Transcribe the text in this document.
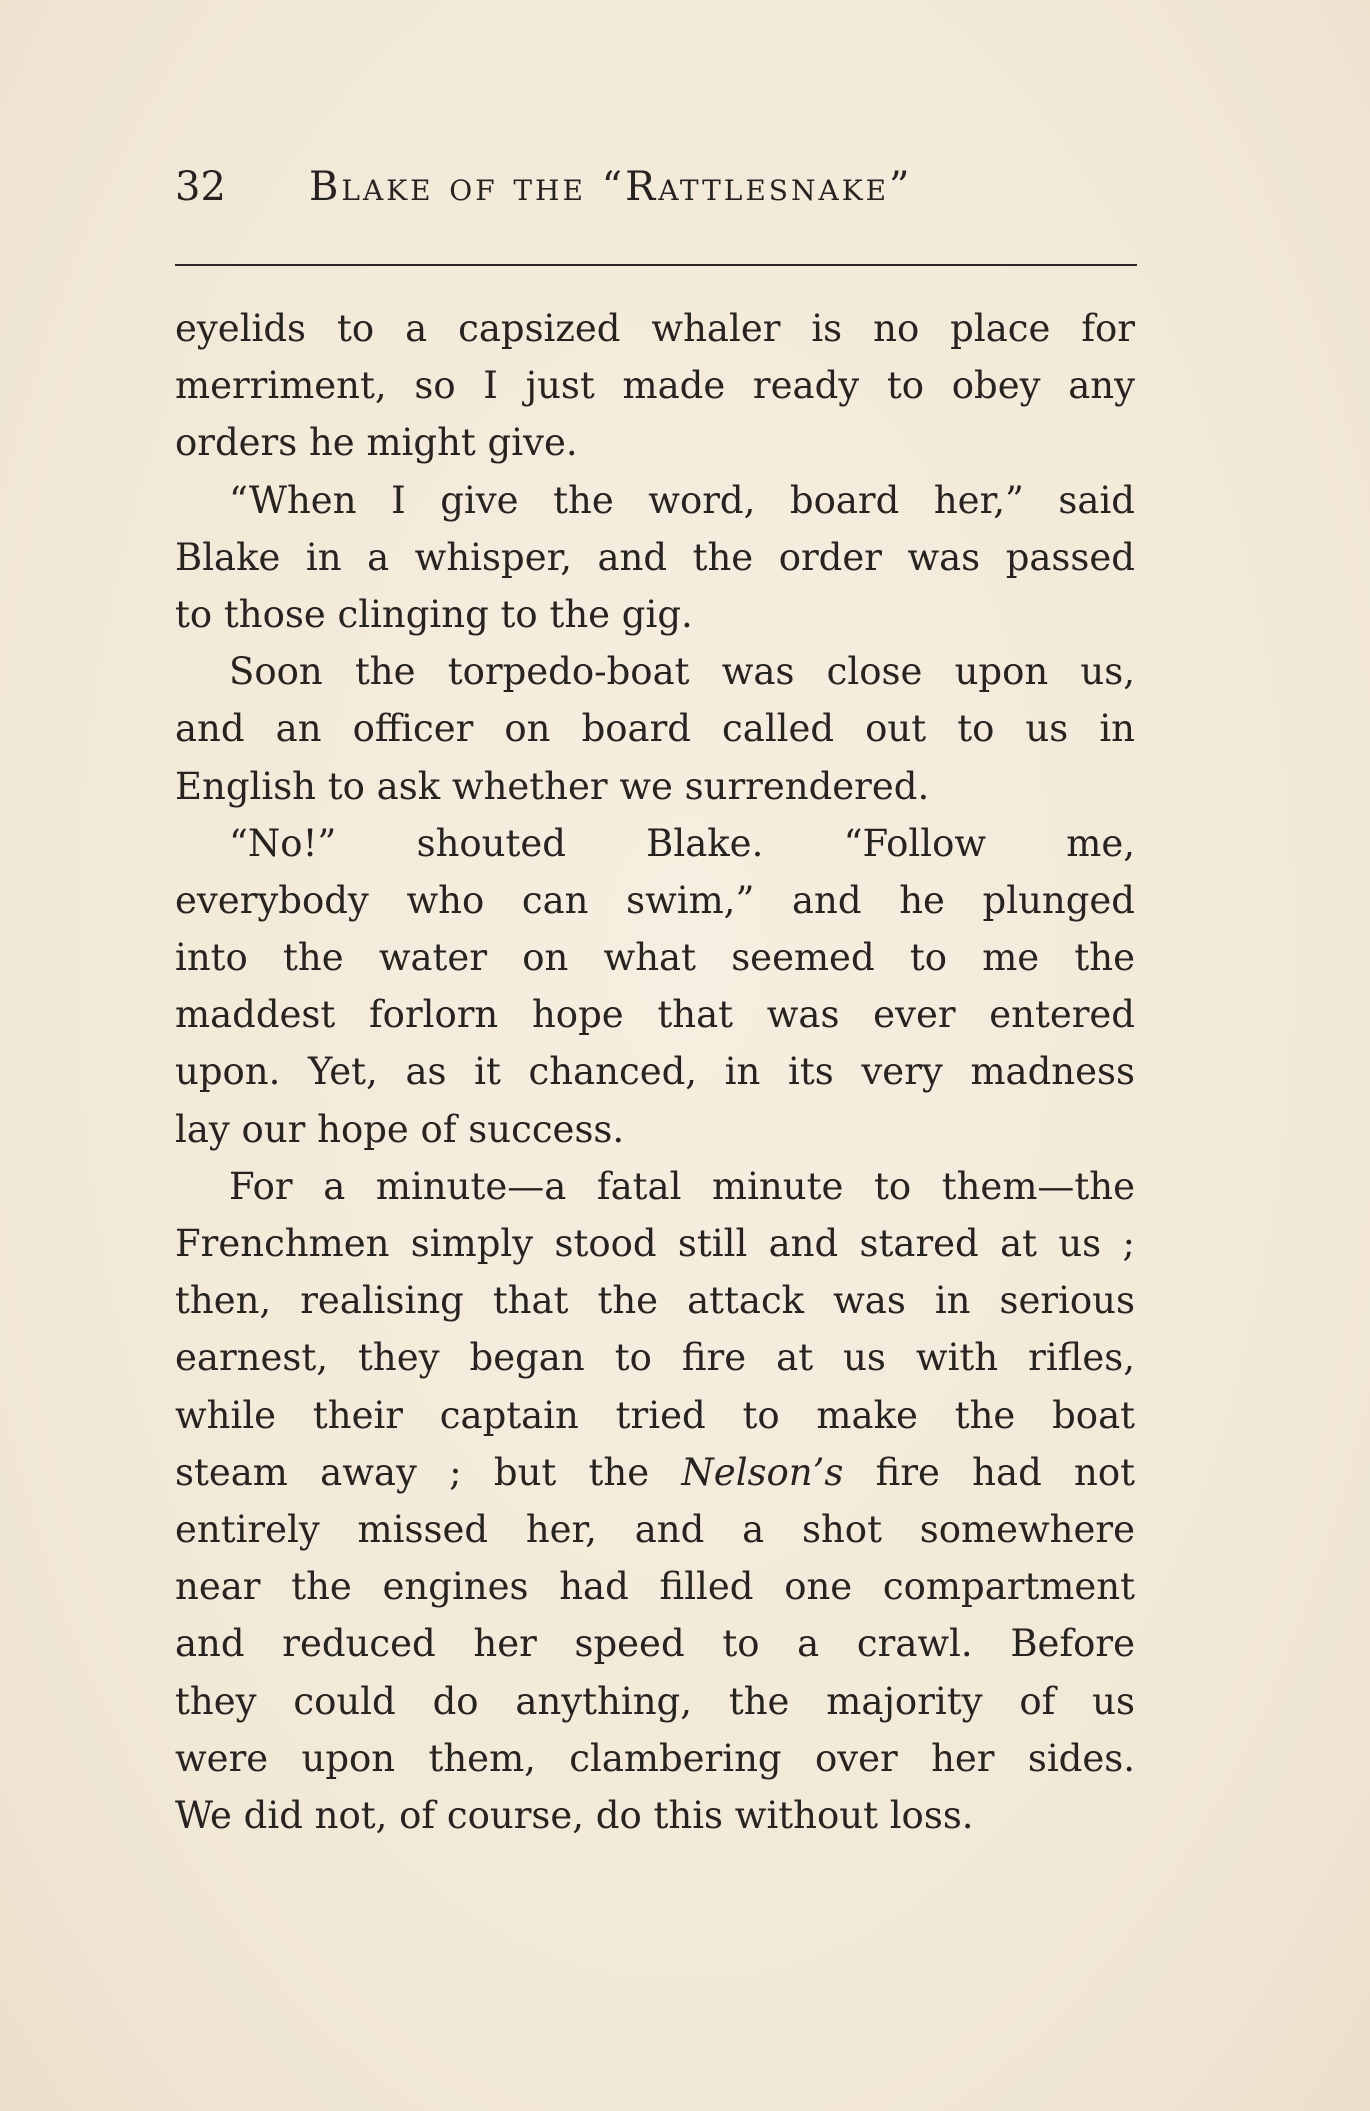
32 Blake of the “Rattlesnake”
eyelids to a capsized whaler is no place for
merriment, so I just made ready to obey any
orders he might give.
“When I give the word, board her,” said
Blake in a whisper, and the order was passed
to those clinging to the gig.
Soon the torpedo-boat was close upon us,
and an officer on board called out to us in
English to ask whether we surrendered.
“No!” shouted Blake. “Follow me,
everybody who can swim,” and he plunged
into the water on what seemed to me the
maddest forlorn hope that was ever entered
upon. Yet, as it chanced, in its very madness
lay our hope of success.
For a minute—a fatal minute to them—the
Frenchmen simply stood still and stared at us ;
then, realising that the attack was in serious
earnest, they began to fire at us with rifles,
while their captain tried to make the boat
steam away ; but the Nelson’s fire had not
entirely missed her, and a shot somewhere
near the engines had filled one compartment
and reduced her speed to a crawl. Before
they could do anything, the majority of us
were upon them, clambering over her sides.
We did not, of course, do this without loss.
